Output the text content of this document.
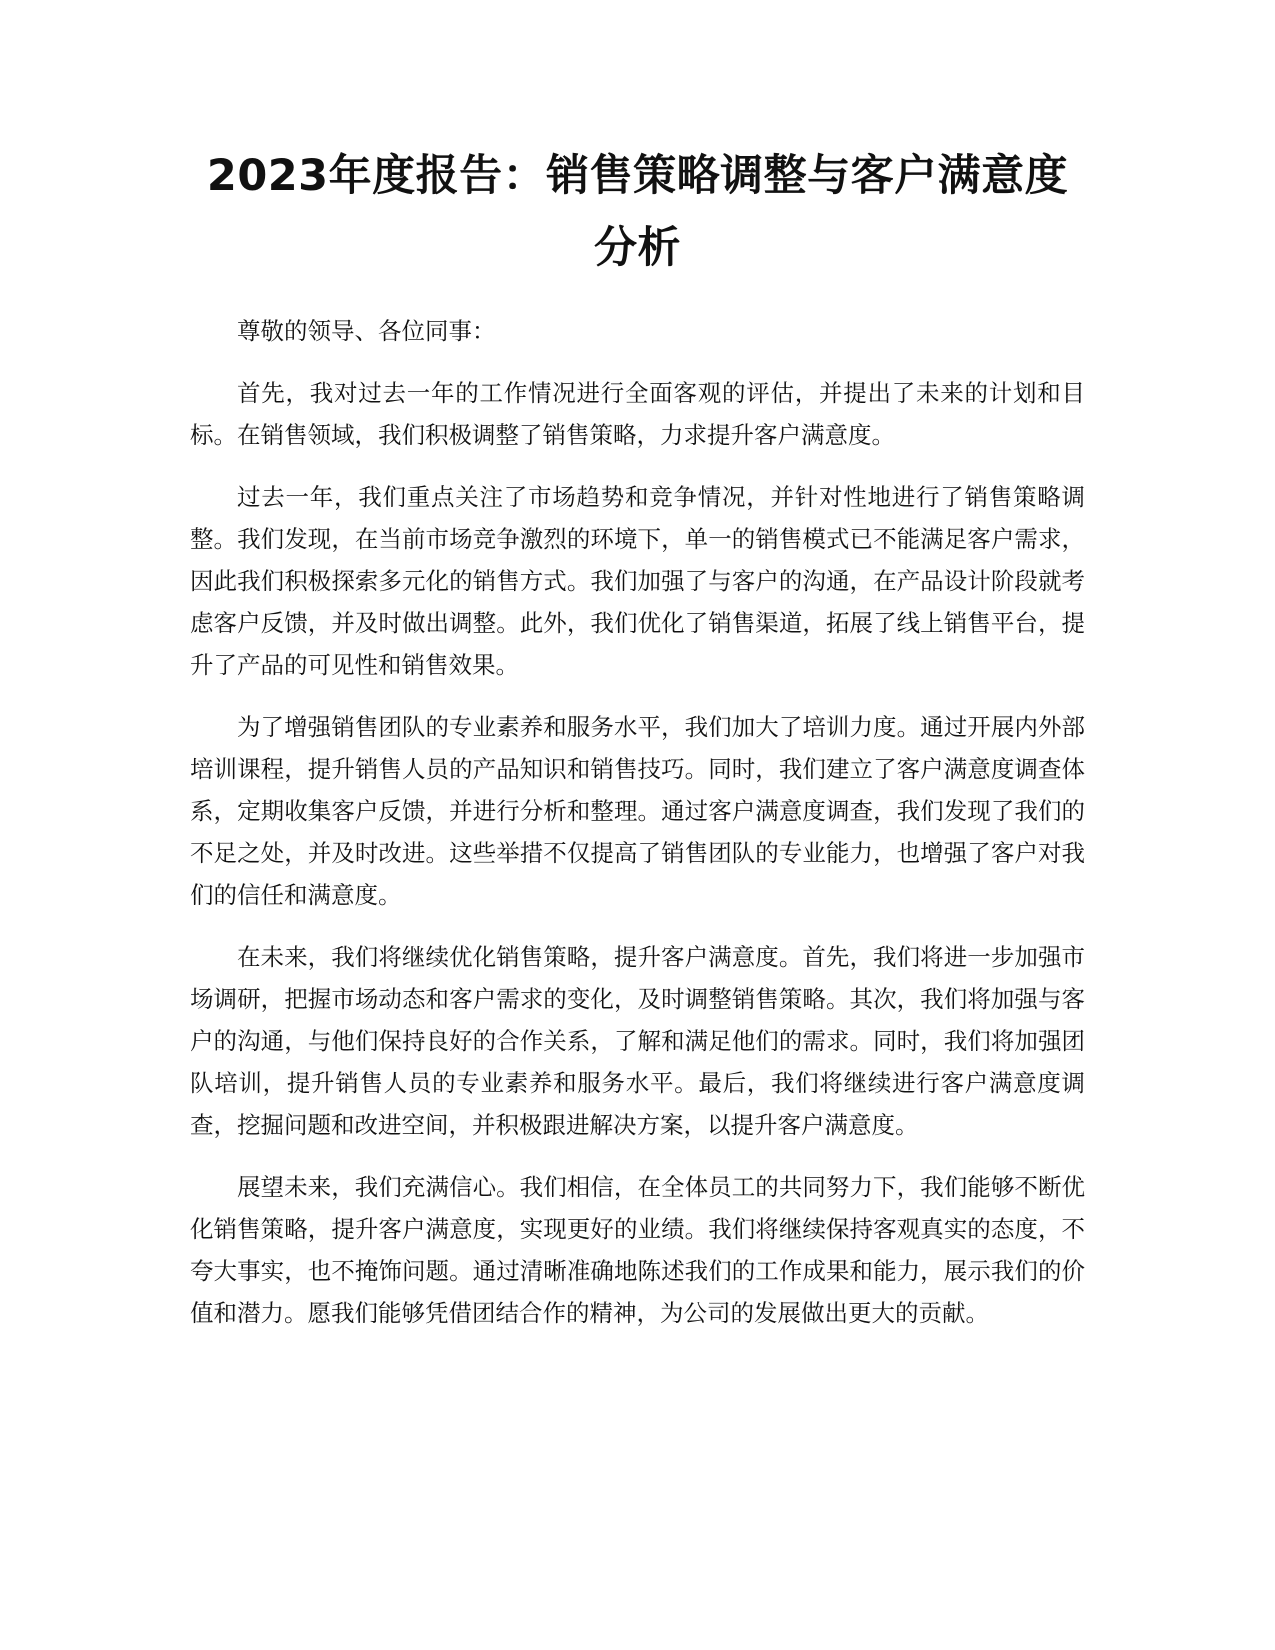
2023年度报告：销售策略调整与客户满意度分析

尊敬的领导、各位同事：

首先，我对过去一年的工作情况进行全面客观的评估，并提出了未来的计划和目标。在销售领域，我们积极调整了销售策略，力求提升客户满意度。

过去一年，我们重点关注了市场趋势和竞争情况，并针对性地进行了销售策略调整。我们发现，在当前市场竞争激烈的环境下，单一的销售模式已不能满足客户需求，因此我们积极探索多元化的销售方式。我们加强了与客户的沟通，在产品设计阶段就考虑客户反馈，并及时做出调整。此外，我们优化了销售渠道，拓展了线上销售平台，提升了产品的可见性和销售效果。

为了增强销售团队的专业素养和服务水平，我们加大了培训力度。通过开展内外部培训课程，提升销售人员的产品知识和销售技巧。同时，我们建立了客户满意度调查体系，定期收集客户反馈，并进行分析和整理。通过客户满意度调查，我们发现了我们的不足之处，并及时改进。这些举措不仅提高了销售团队的专业能力，也增强了客户对我们的信任和满意度。

在未来，我们将继续优化销售策略，提升客户满意度。首先，我们将进一步加强市场调研，把握市场动态和客户需求的变化，及时调整销售策略。其次，我们将加强与客户的沟通，与他们保持良好的合作关系，了解和满足他们的需求。同时，我们将加强团队培训，提升销售人员的专业素养和服务水平。最后，我们将继续进行客户满意度调查，挖掘问题和改进空间，并积极跟进解决方案，以提升客户满意度。

展望未来，我们充满信心。我们相信，在全体员工的共同努力下，我们能够不断优化销售策略，提升客户满意度，实现更好的业绩。我们将继续保持客观真实的态度，不夸大事实，也不掩饰问题。通过清晰准确地陈述我们的工作成果和能力，展示我们的价值和潜力。愿我们能够凭借团结合作的精神，为公司的发展做出更大的贡献。
